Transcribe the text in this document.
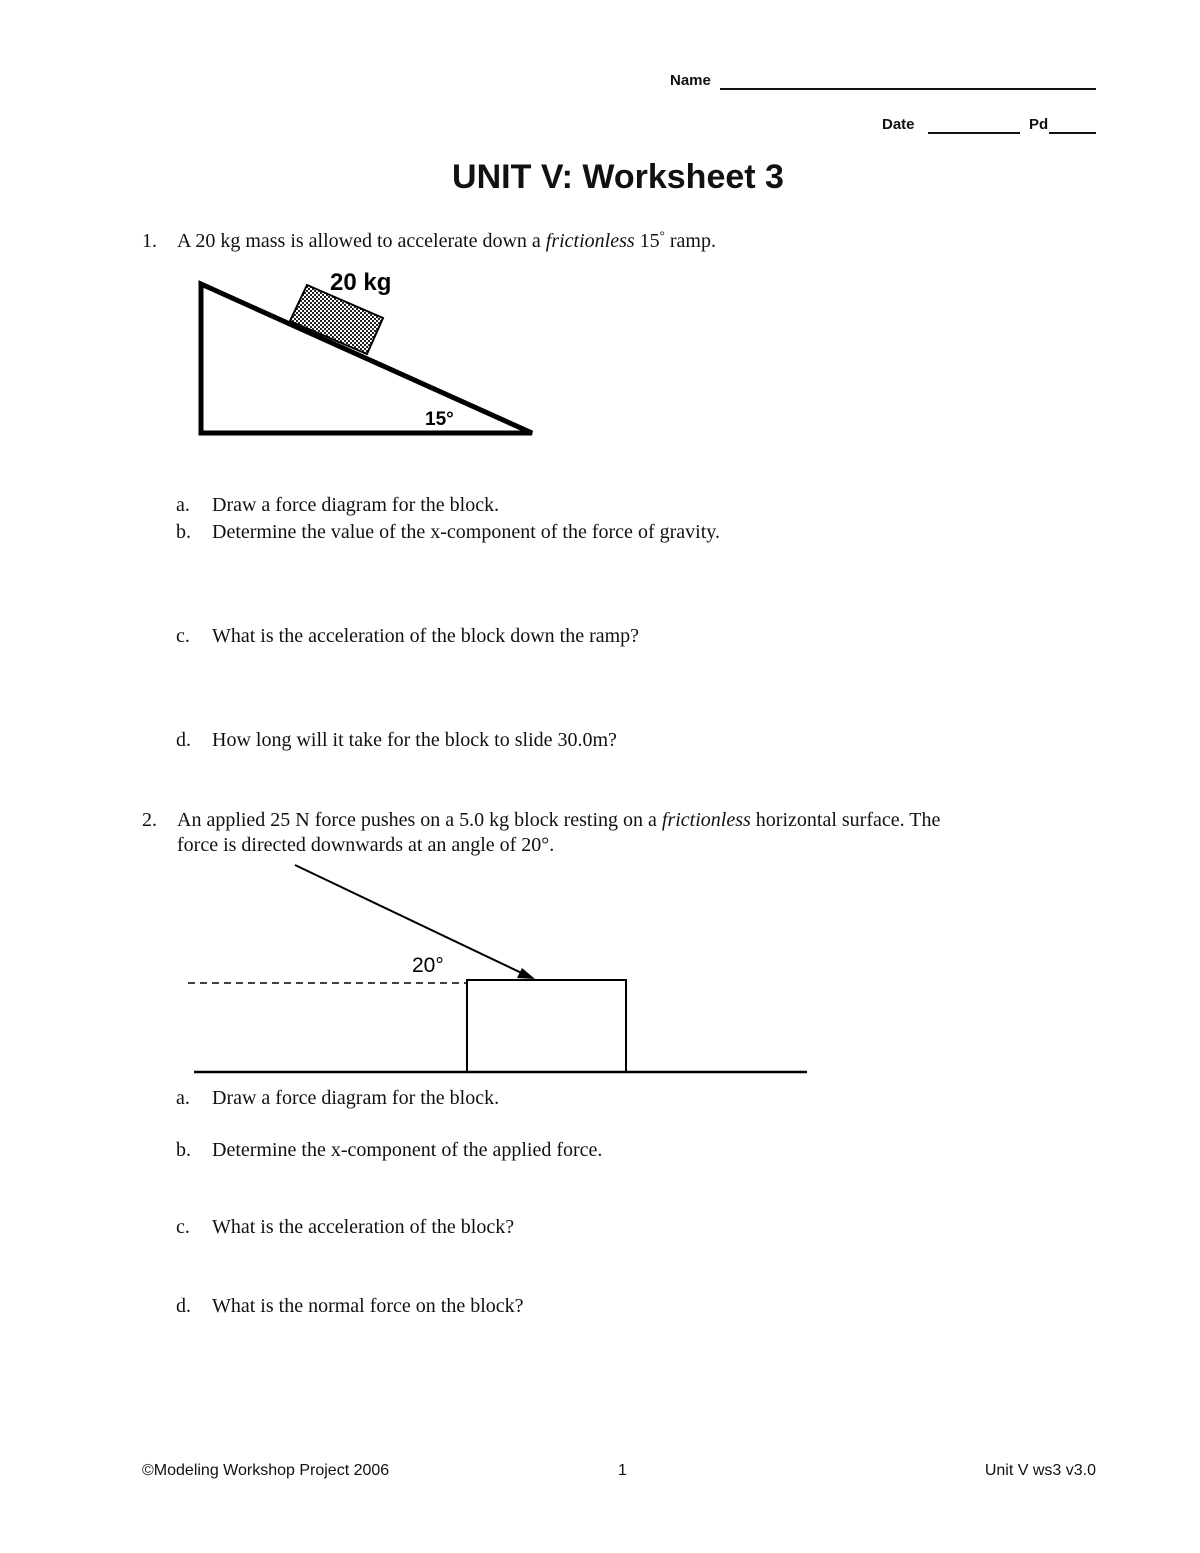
Name
Date	Pd
UNIT V: Worksheet 3
1. A 20 kg mass is allowed to accelerate down a frictionless 15° ramp.
20 kg
15°
a. Draw a force diagram for the block.
b. Determine the value of the x-component of the force of gravity.
c. What is the acceleration of the block down the ramp?
d. How long will it take for the block to slide 30.0m?
2. An applied 25 N force pushes on a 5.0 kg block resting on a frictionless horizontal surface. The
force is directed downwards at an angle of 20°.
20°
a. Draw a force diagram for the block.
b. Determine the x-component of the applied force.
c. What is the acceleration of the block?
d. What is the normal force on the block?
©Modeling Workshop Project 2006	1	Unit V ws3 v3.0
